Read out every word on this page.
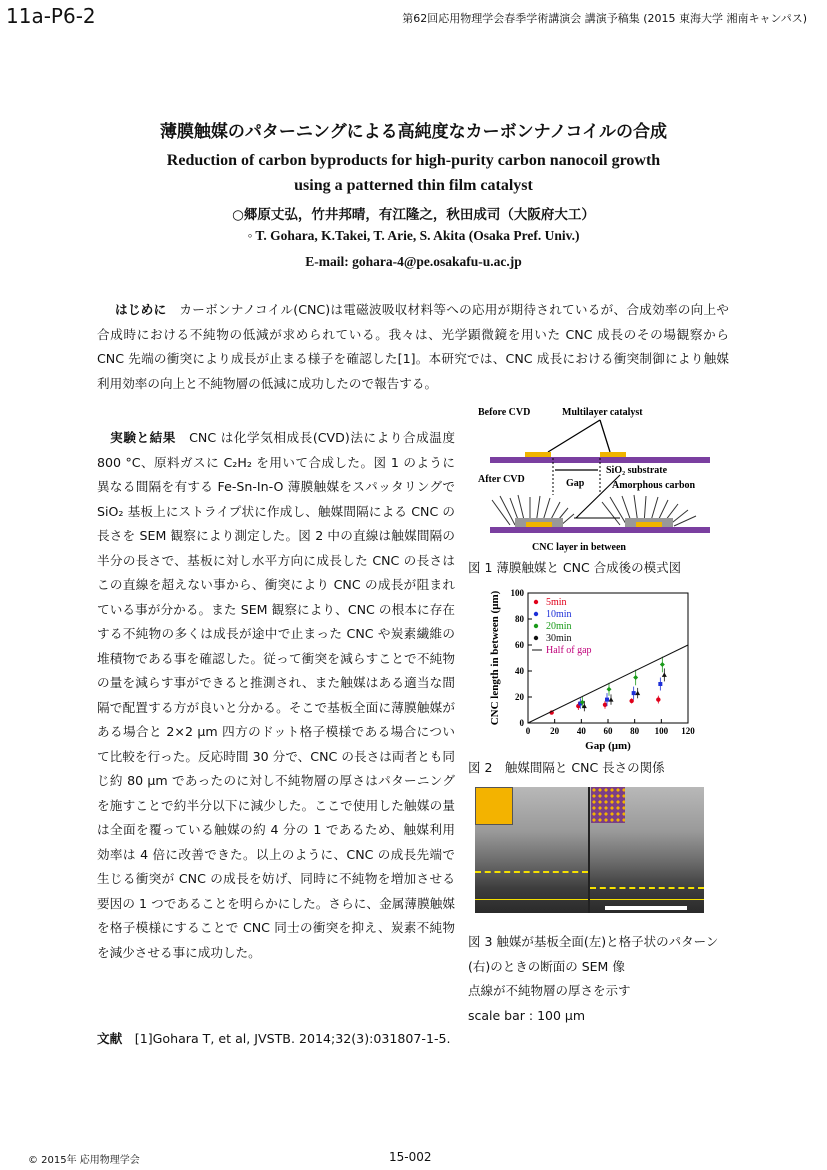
11a-P6-2	第62回応用物理学会春季学術講演会 講演予稿集 (2015 東海大学 湘南キャンパス)
薄膜触媒のパターニングによる高純度なカーボンナノコイルの合成
Reduction of carbon byproducts for high-purity carbon nanocoil growth
using a patterned thin film catalyst
○郷原丈弘，竹井邦晴，有江隆之，秋田成司（大阪府大工）
◦ T. Gohara, K.Takei, T. Arie, S. Akita (Osaka Pref. Univ.)
E-mail: gohara-4@pe.osakafu-u.ac.jp
はじめに　 カーボンナノコイル(CNC)は電磁波吸収材料等への応用が期待されているが、合成効率の向上や合成時における不純物の低減が求められている。我々は、光学顕微鏡を用いた CNC 成長のその場観察から CNC 先端の衝突により成長が止まる様子を確認した[1]。本研究では、CNC 成長における衝突制御により触媒利用効率の向上と不純物層の低減に成功したので報告する。
　実験と結果　 CNC は化学気相成長(CVD)法により合成温度 800 °C、原料ガスに C₂H₂ を用いて合成した。図 1 のように異なる間隔を有する Fe-Sn-In-O 薄膜触媒をスパッタリングで SiO₂ 基板上にストライプ状に作成し、触媒間隔による CNC の長さを SEM 観察により測定した。図 2 中の直線は触媒間隔の半分の長さで、基板に対し水平方向に成長した CNC の長さはこの直線を超えない事から、衝突により CNC の成長が阻まれている事が分かる。また SEM 観察により、CNC の根本に存在する不純物の多くは成長が途中で止まった CNC や炭素繊維の堆積物である事を確認した。従って衝突を減らすことで不純物の量を減らす事ができると推測され、また触媒はある適当な間隔で配置する方が良いと分かる。そこで基板全面に薄膜触媒がある場合と 2×2 μm 四方のドット格子模様である場合について比較を行った。反応時間 30 分で、CNC の長さは両者とも同じ約 80 μm であったのに対し不純物層の厚さはパターニングを施すことで約半分以下に減少した。ここで使用した触媒の量は全面を覆っている触媒の約 4 分の 1 であるため、触媒利用効率は 4 倍に改善できた。以上のように、CNC の成長先端で生じる衝突が CNC の成長を妨げ、同時に不純物を増加させる要因の 1 つであることを明らかにした。さらに、金属薄膜触媒を格子模様にすることで CNC 同士の衝突を抑え、炭素不純物を減少させる事に成功した。
文献　 [1]Gohara T, et al, JVSTB. 2014;32(3):031807-1-5.
Before CVD	Multilayer catalyst
Gap
SiO₂ substrate
Amorphous carbon
After CVD
CNC layer in between
図 1 薄膜触媒と CNC 合成後の模式図
0 20 40 60 80 100 120
0
20
40
60
80
100
Gap (μm)
CNC length in between (μm)	5min
10min
20min
30min
Half of gap
図 2　触媒間隔と CNC 長さの関係
図 3 触媒が基板全面(左)と格子状のパターン(右)のときの断面の SEM 像
点線が不純物層の厚さを示す
scale bar : 100 μm
© 2015年 応用物理学会	15-002
